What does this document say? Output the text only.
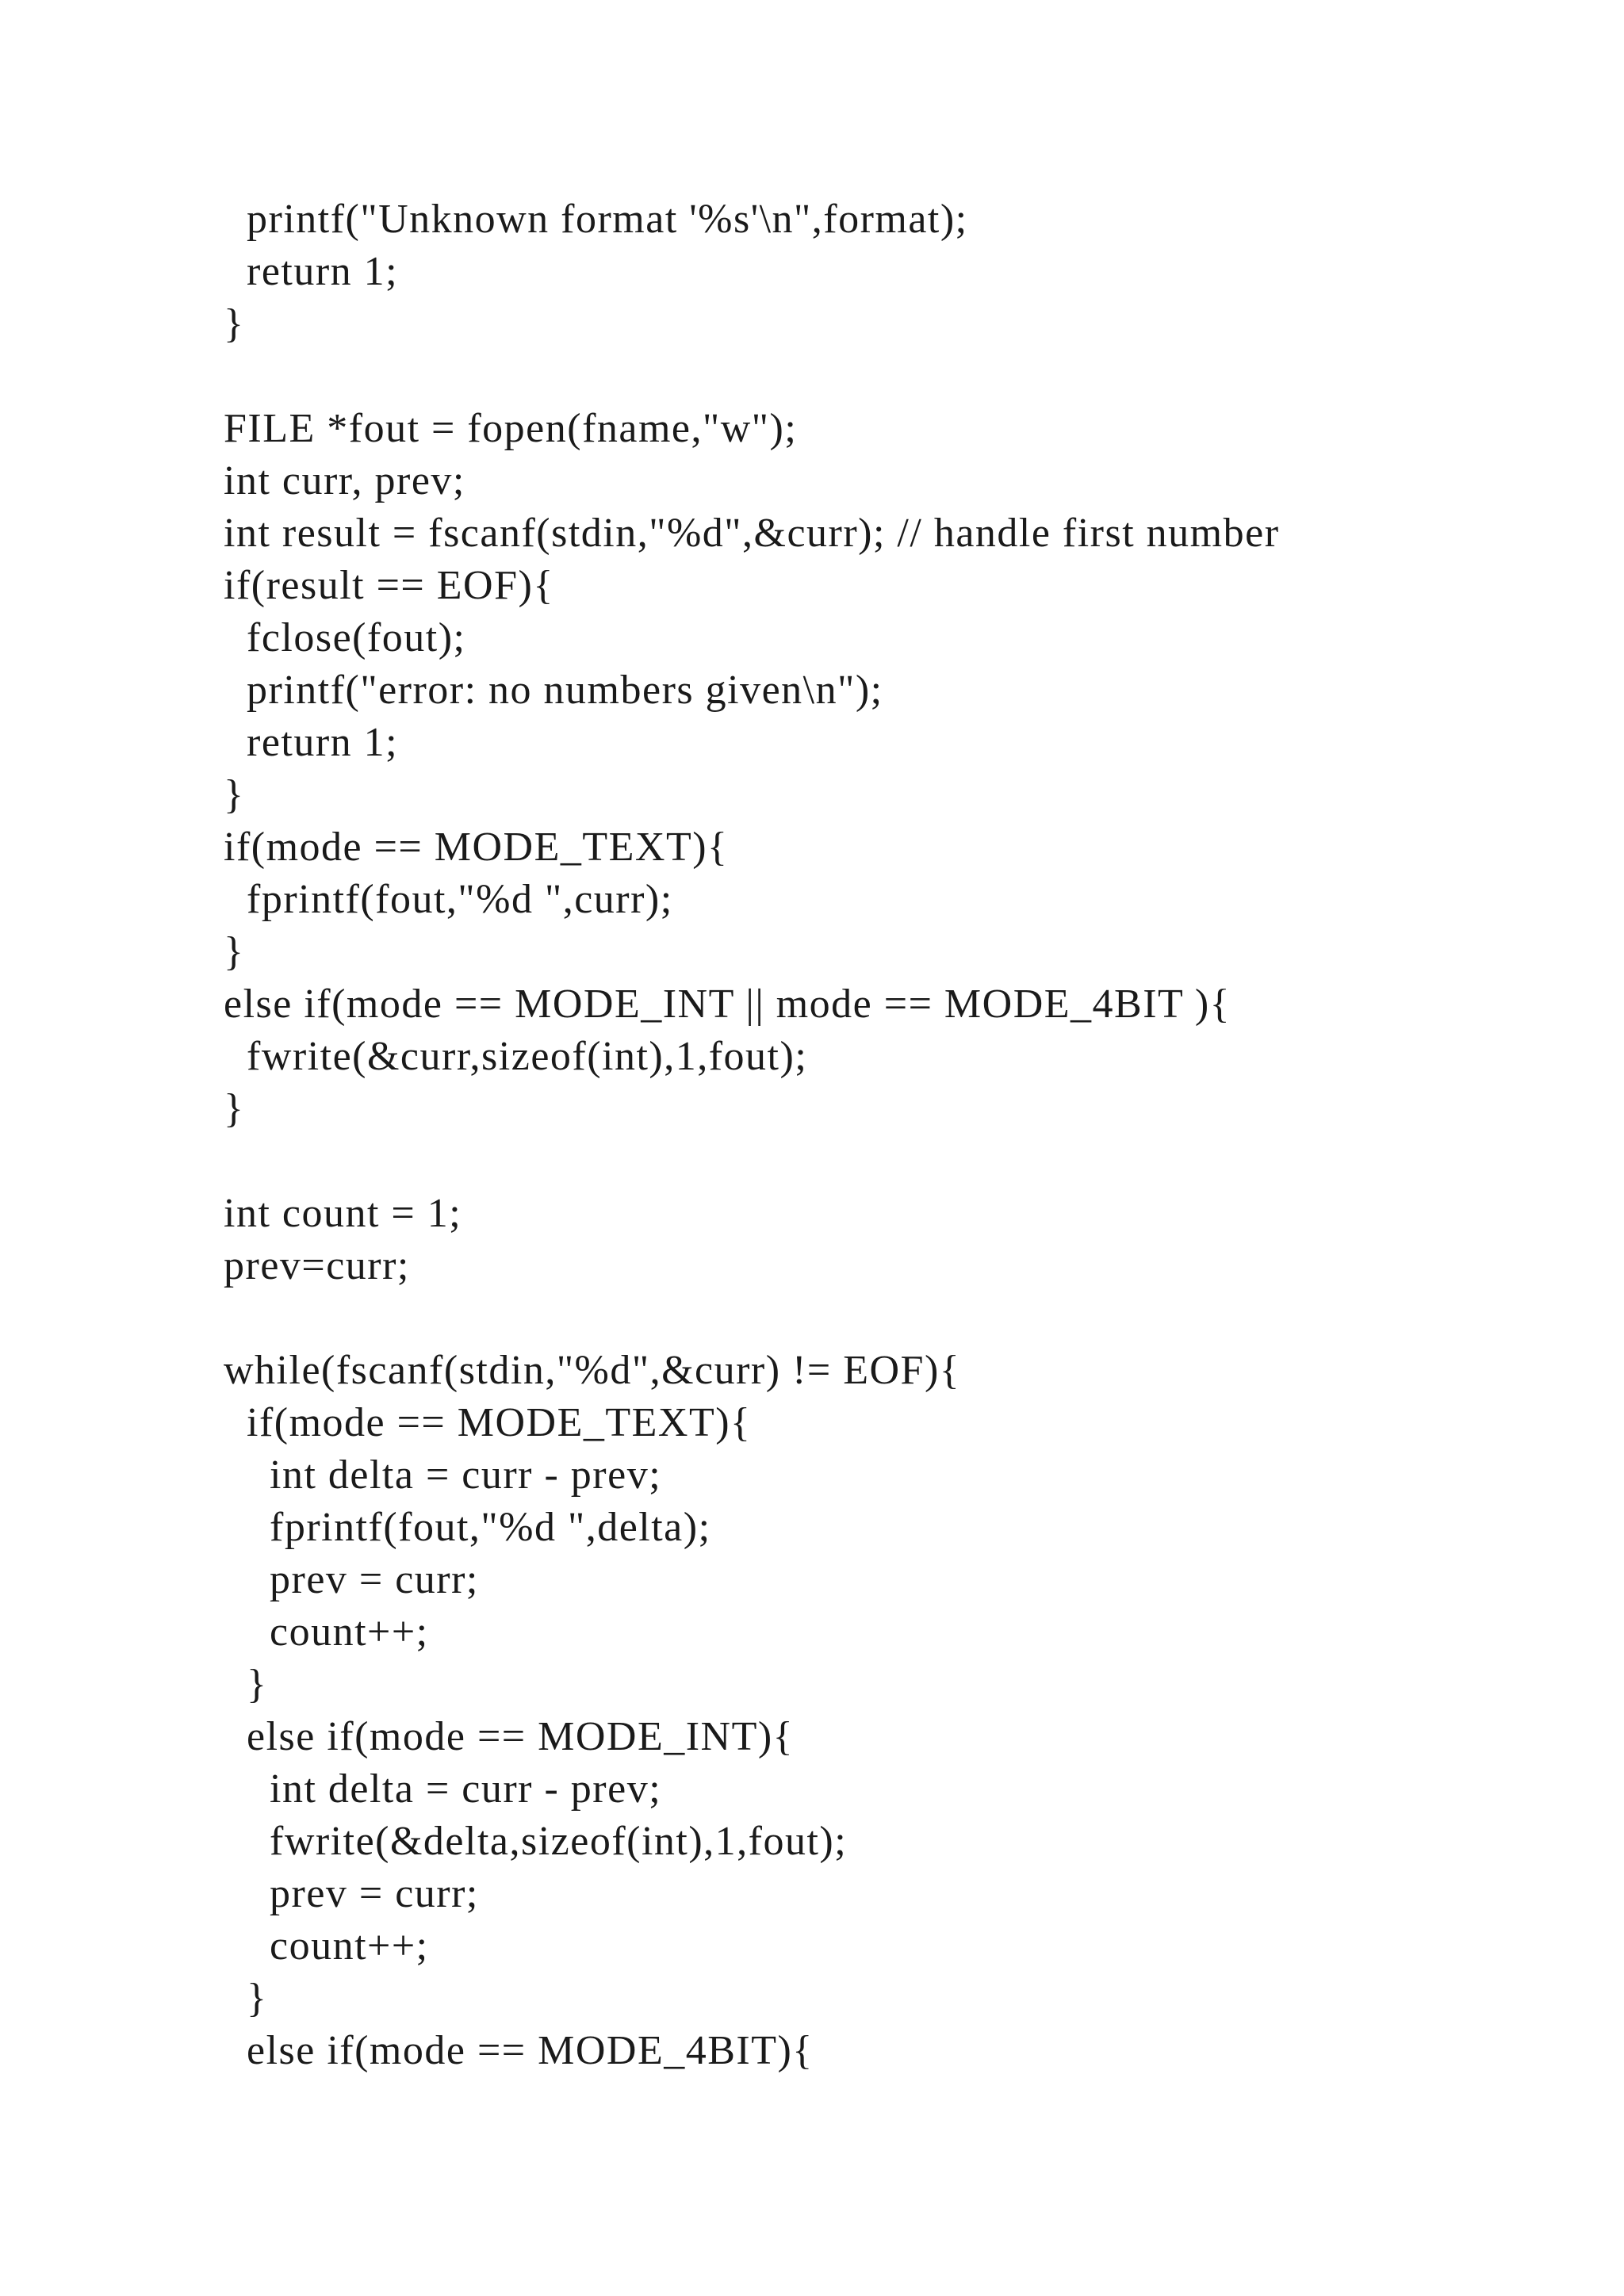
printf("Unknown format '%s'\n",format);
return 1;
}
FILE *fout = fopen(fname,"w");
int curr, prev;
int result = fscanf(stdin,"%d",&curr); // handle first number
if(result == EOF){
fclose(fout);
printf("error: no numbers given\n");
return 1;
}
if(mode == MODE_TEXT){
fprintf(fout,"%d ",curr);
}
else if(mode == MODE_INT || mode == MODE_4BIT ){
fwrite(&curr,sizeof(int),1,fout);
}
int count = 1;
prev=curr;
while(fscanf(stdin,"%d",&curr) != EOF){
if(mode == MODE_TEXT){
int delta = curr - prev;
fprintf(fout,"%d ",delta);
prev = curr;
count++;
}
else if(mode == MODE_INT){
int delta = curr - prev;
fwrite(&delta,sizeof(int),1,fout);
prev = curr;
count++;
}
else if(mode == MODE_4BIT){
